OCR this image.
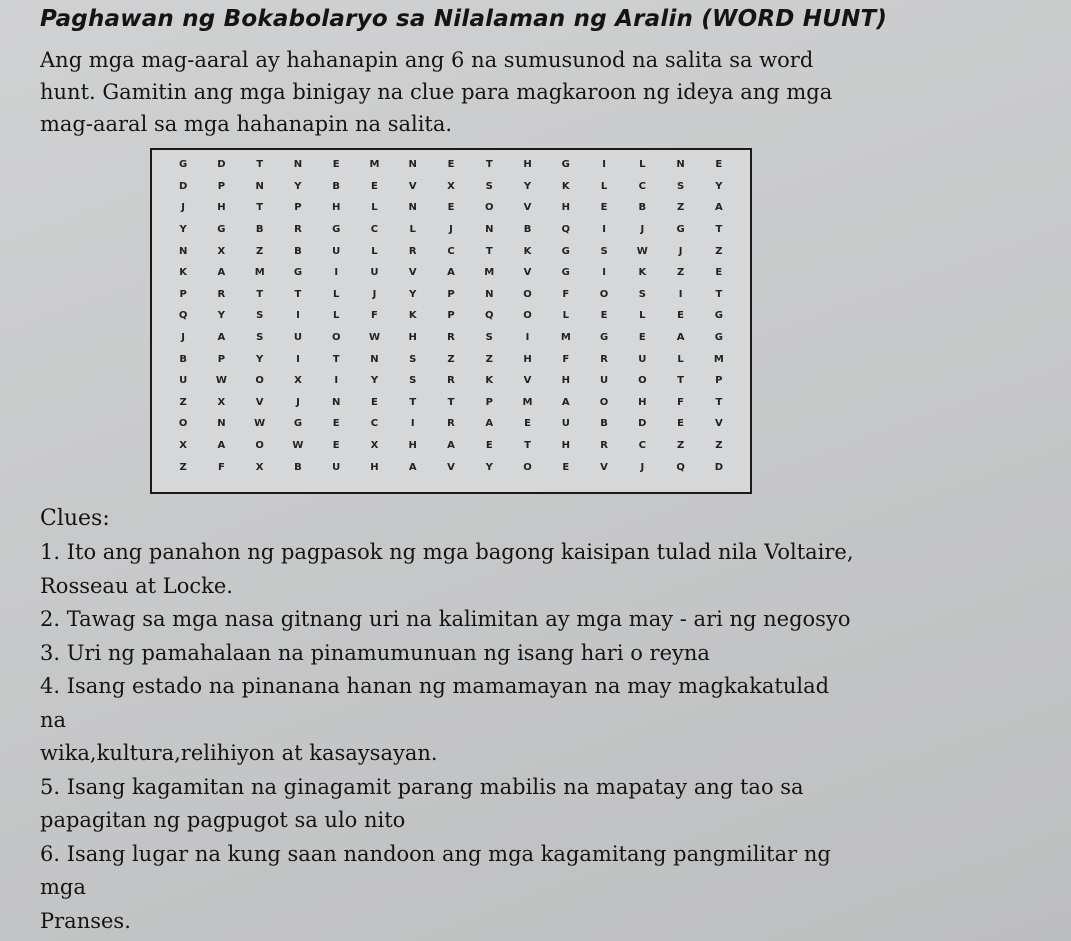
Paghawan ng Bokabolaryo sa Nilalaman ng Aralin (WORD HUNT)
Ang mga mag-aaral ay hahanapin ang 6 na sumusunod na salita sa word
hunt. Gamitin ang mga binigay na clue para magkaroon ng ideya ang mga
mag-aaral sa mga hahanapin na salita.
G	D	T	N	E	M	N	E	T	H	G	I	L	N	E
D	P	N	Y	B	E	V	X	S	Y	K	L	C	S	Y
J	H	T	P	H	L	N	E	O	V	H	E	B	Z	A
Y	G	B	R	G	C	L	J	N	B	Q	I	J	G	T
N	X	Z	B	U	L	R	C	T	K	G	S	W	J	Z
K	A	M	G	I	U	V	A	M	V	G	I	K	Z	E
P	R	T	T	L	J	Y	P	N	O	F	O	S	I	T
Q	Y	S	I	L	F	K	P	Q	O	L	E	L	E	G
J	A	S	U	O	W	H	R	S	I	M	G	E	A	G
B	P	Y	I	T	N	S	Z	Z	H	F	R	U	L	M
U	W	O	X	I	Y	S	R	K	V	H	U	O	T	P
Z	X	V	J	N	E	T	T	P	M	A	O	H	F	T
O	N	W	G	E	C	I	R	A	E	U	B	D	E	V
X	A	O	W	E	X	H	A	E	T	H	R	C	Z	Z
Z	F	X	B	U	H	A	V	Y	O	E	V	J	Q	D
Clues:
1. Ito ang panahon ng pagpasok ng mga bagong kaisipan tulad nila Voltaire,
Rosseau at Locke.
2. Tawag sa mga nasa gitnang uri na kalimitan ay mga may - ari ng negosyo
3. Uri ng pamahalaan na pinamumunuan ng isang hari o reyna
4. Isang estado na pinanana hanan ng mamamayan na may magkakatulad
na
wika,kultura,relihiyon at kasaysayan.
5. Isang kagamitan na ginagamit parang mabilis na mapatay ang tao sa
papagitan ng pagpugot sa ulo nito
6. Isang lugar na kung saan nandoon ang mga kagamitang pangmilitar ng
mga
Pranses.
